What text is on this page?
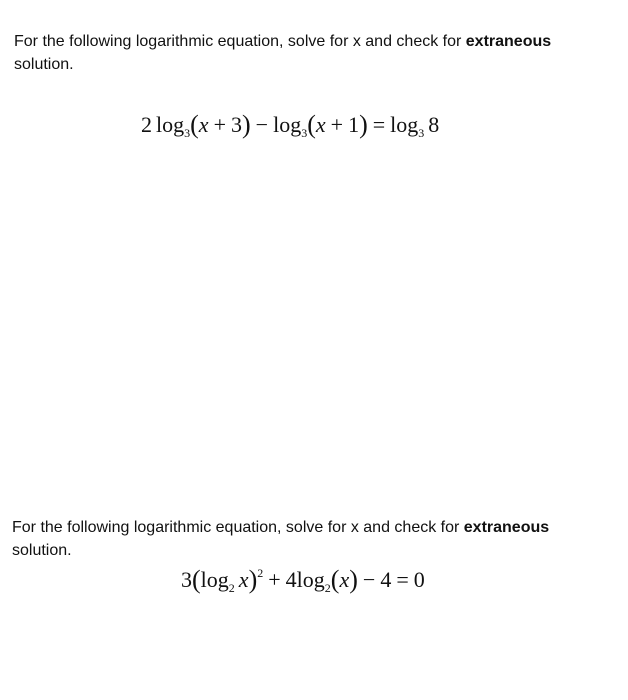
For the following logarithmic equation, solve for x and check for extraneous
solution.
2 $\log_3(x + 3) - \log_3(x + 1) = \log_3 8$
For the following logarithmic equation, solve for x and check for extraneous
solution.
$3(\log_2$ $x)^2 + 4\log_2(x) - 4 = 0$
